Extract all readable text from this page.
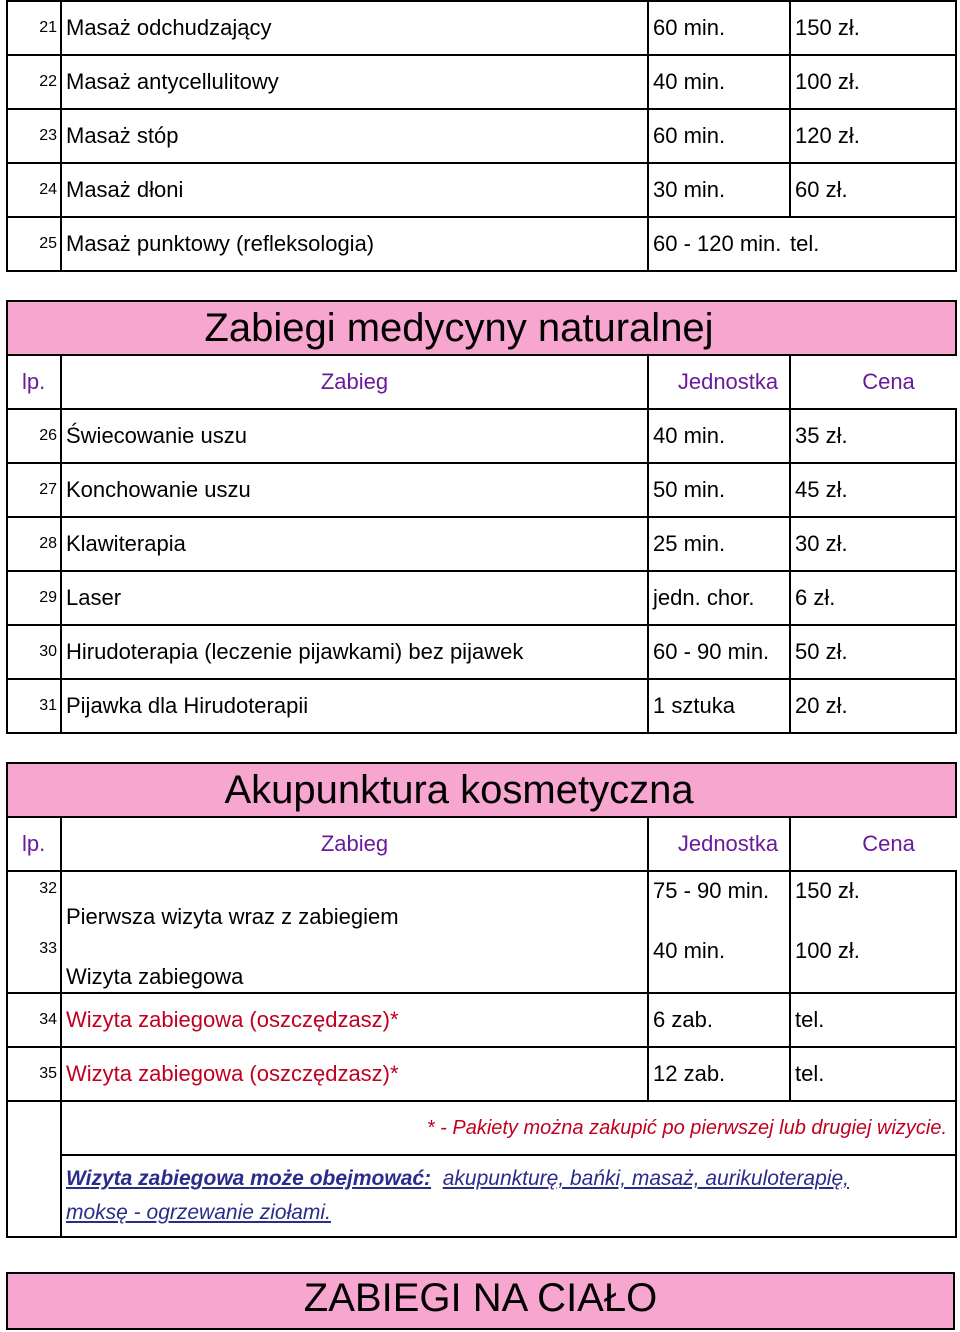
21	Masaż odchudzający	60 min.	150 zł.	
22	Masaż antycellulitowy	40 min.	100 zł.	
23	Masaż stóp	60 min.	120 zł.	
24	Masaż dłoni	30 min.	60 zł.	
25	Masaż punktowy (refleksologia)	60 - 120 min.	tel.	
Zabiegi medycyny naturalnej				
lp.	Zabieg	Jednostka	Cena	
26	Świecowanie uszu	40 min.	35 zł.	
27	Konchowanie uszu	50 min.	45 zł.	
28	Klawiterapia	25 min.	30 zł.	
29	Laser	jedn. chor.	6 zł.	
30	Hirudoterapia (leczenie pijawkami) bez pijawek	60 - 90 min.	50 zł.	
31	Pijawka dla Hirudoterapii	1 sztuka	20 zł.	
Akupunktura kosmetyczna				
lp.	Zabieg	Jednostka	Cena	
32	Pierwsza wizyta wraz z zabiegiem	75 - 90 min.	150 zł.	
33	Wizyta zabiegowa	40 min.	100 zł.	
34	Wizyta zabiegowa (oszczędzasz)*	6 zab.	tel.	
35	Wizyta zabiegowa (oszczędzasz)*	12 zab.	tel.	
	* - Pakiety można zakupić po pierwszej lub drugiej wizycie.			
	Wizyta zabiegowa może obejmować: akupunkturę, bańki, masaż, aurikuloterapię,
moksę - ogrzewanie ziołami.			
ZABIEGI NA CIAŁO
